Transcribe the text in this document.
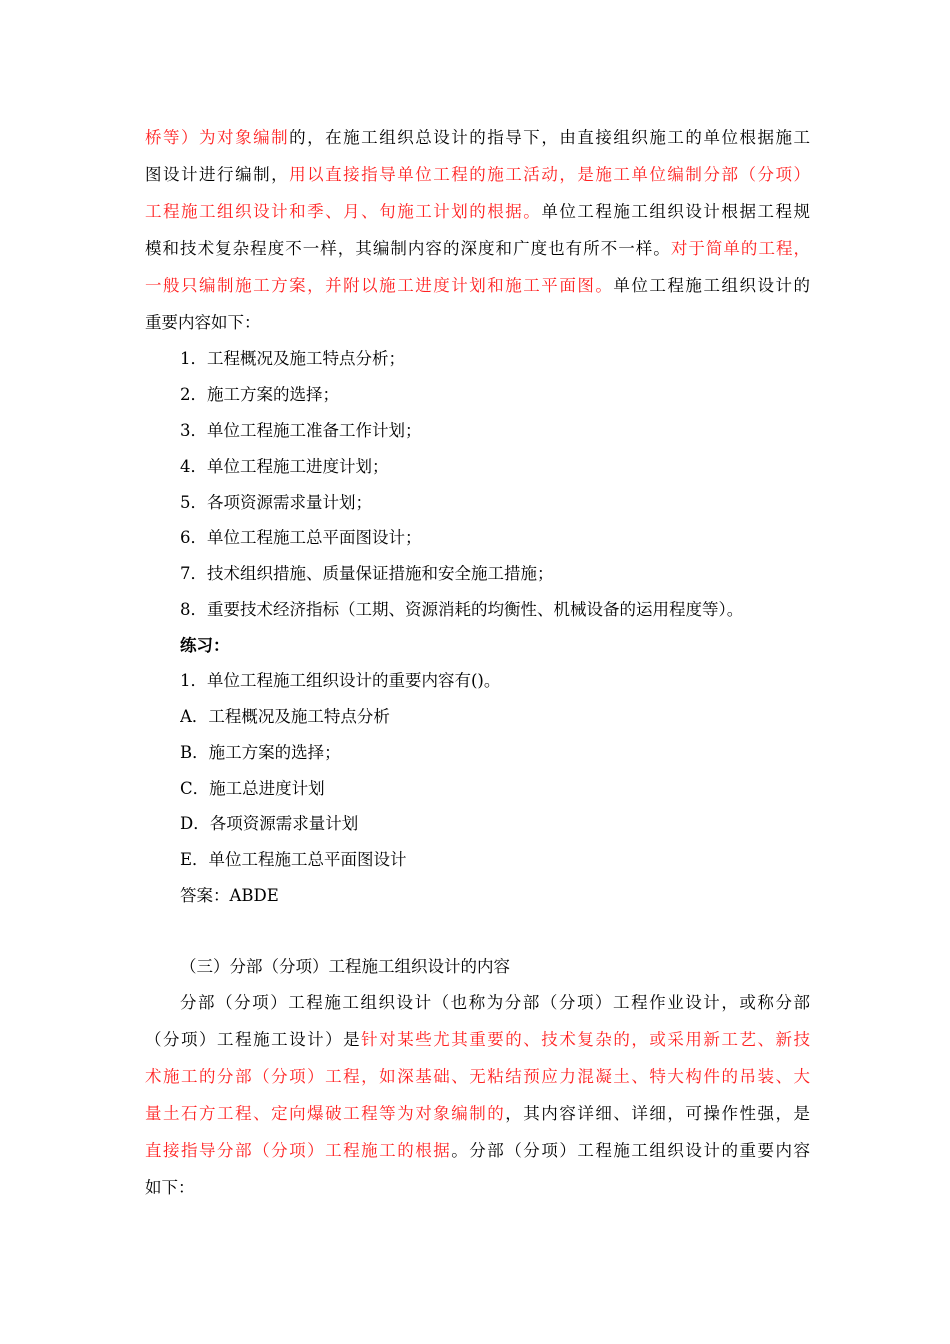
桥等）为对象编制的，在施工组织总设计的指导下，由直接组织施工的单位根据施工
图设计进行编制，用以直接指导单位工程的施工活动，是施工单位编制分部（分项）
工程施工组织设计和季、月、旬施工计划的根据。单位工程施工组织设计根据工程规
模和技术复杂程度不一样，其编制内容的深度和广度也有所不一样。对于简单的工程，
一般只编制施工方案，并附以施工进度计划和施工平面图。单位工程施工组织设计的
重要内容如下：
1．工程概况及施工特点分析；
2．施工方案的选择；
3．单位工程施工准备工作计划；
4．单位工程施工进度计划；
5．各项资源需求量计划；
6．单位工程施工总平面图设计；
7．技术组织措施、质量保证措施和安全施工措施；
8．重要技术经济指标（工期、资源消耗的均衡性、机械设备的运用程度等）。
练习：
1．单位工程施工组织设计的重要内容有()。
A．工程概况及施工特点分析
B．施工方案的选择；
C．施工总进度计划
D．各项资源需求量计划
E．单位工程施工总平面图设计
答案：ABDE
（三）分部（分项）工程施工组织设计的内容
分部（分项）工程施工组织设计（也称为分部（分项）工程作业设计，或称分部
（分项）工程施工设计）是针对某些尤其重要的、技术复杂的，或采用新工艺、新技
术施工的分部（分项）工程，如深基础、无粘结预应力混凝土、特大构件的吊装、大
量土石方工程、定向爆破工程等为对象编制的，其内容详细、详细，可操作性强，是
直接指导分部（分项）工程施工的根据。分部（分项）工程施工组织设计的重要内容
如下：
